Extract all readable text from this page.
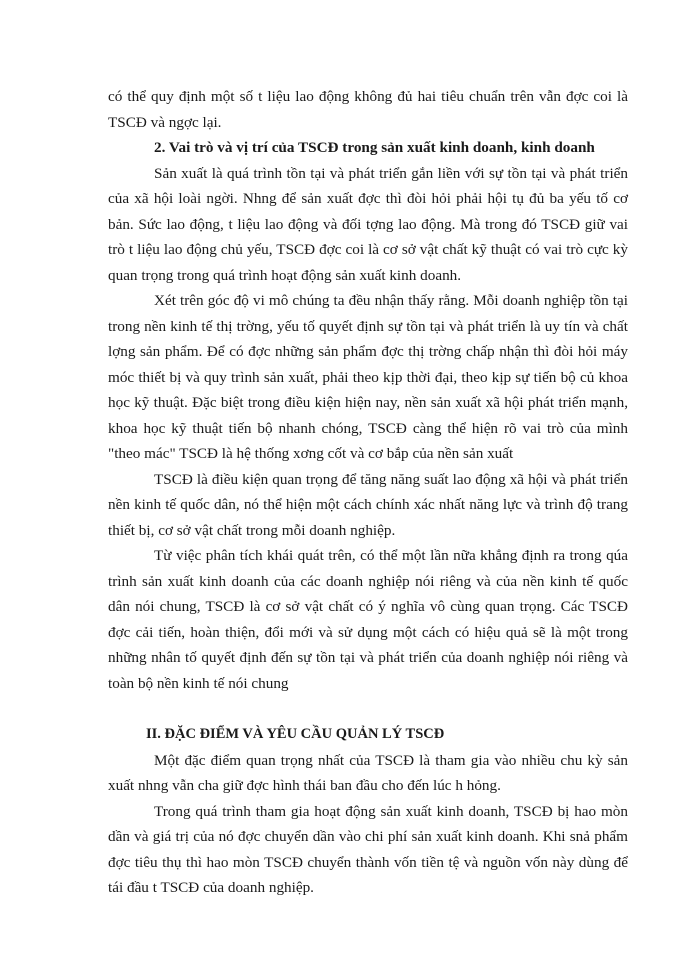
có thể quy định một số t liệu lao động không đủ hai tiêu chuẩn trên vẫn đợc coi là TSCĐ và ngợc lại.

2. Vai trò và vị trí của TSCĐ trong sản xuất kinh doanh, kinh doanh

Sản xuất là quá trình tồn tại và phát triển gắn liền với sự tồn tại và phát triển của xã hội loài ngời. Nhng để sản xuất đợc thì đòi hỏi phải hội tụ đủ ba yếu tố cơ bản. Sức lao động, t liệu lao động và đối tợng lao động. Mà trong đó TSCĐ giữ vai trò t liệu lao động chủ yếu, TSCĐ đợc coi là cơ sở vật chất kỹ thuật có vai trò cực kỳ quan trọng trong quá trình hoạt động sản xuất kinh doanh.

Xét trên góc độ vi mô chúng ta đều nhận thấy rằng. Mỗi doanh nghiệp tồn tại trong nền kinh tế thị trờng, yếu tố quyết định sự tồn tại và phát triển là uy tín và chất lợng sản phẩm. Để có đợc những sản phẩm đợc thị trờng chấp nhận thì đòi hỏi máy móc thiết bị và quy trình sản xuất, phải theo kịp thời đại, theo kịp sự tiến bộ củ khoa học kỹ thuật. Đặc biệt trong điều kiện hiện nay, nền sản xuất xã hội phát triển mạnh, khoa học kỹ thuật tiến bộ nhanh chóng, TSCĐ càng thể hiện rõ vai trò của mình "theo mác" TSCĐ là hệ thống xơng cốt và cơ bắp của nền sản xuất

TSCĐ là điều kiện quan trọng để tăng năng suất lao động xã hội và phát triển nền kinh tế quốc dân, nó thể hiện một cách chính xác nhất năng lực và trình độ trang thiết bị, cơ sở vật chất trong mỗi doanh nghiệp.

Từ việc phân tích khái quát trên, có thể một lần nữa khẳng định ra trong qúa trình sản xuất kinh doanh của các doanh nghiệp nói riêng và của nền kinh tế quốc dân nói chung, TSCĐ là cơ sở vật chất có ý nghĩa vô cùng quan trọng. Các TSCĐ đợc cải tiến, hoàn thiện, đổi mới và sử dụng một cách có hiệu quả sẽ là một trong những nhân tố quyết định đến sự tồn tại và phát triển của doanh nghiệp nói riêng và toàn bộ nền kinh tế nói chung

II. ĐẶC ĐIỂM VÀ YÊU CẦU QUẢN LÝ TSCĐ

Một đặc điểm quan trọng nhất của TSCĐ là tham gia vào nhiều chu kỳ sản xuất nhng vẫn cha giữ đợc hình thái ban đầu cho đến lúc h hỏng.

Trong quá trình tham gia hoạt động sản xuất kinh doanh, TSCĐ bị hao mòn dần và giá trị của nó đợc chuyển dần vào chi phí sản xuất kinh doanh. Khi snả phẩm đợc tiêu thụ thì hao mòn TSCĐ chuyển thành vốn tiền tệ và nguồn vốn này dùng để tái đầu t TSCĐ của doanh nghiệp.
